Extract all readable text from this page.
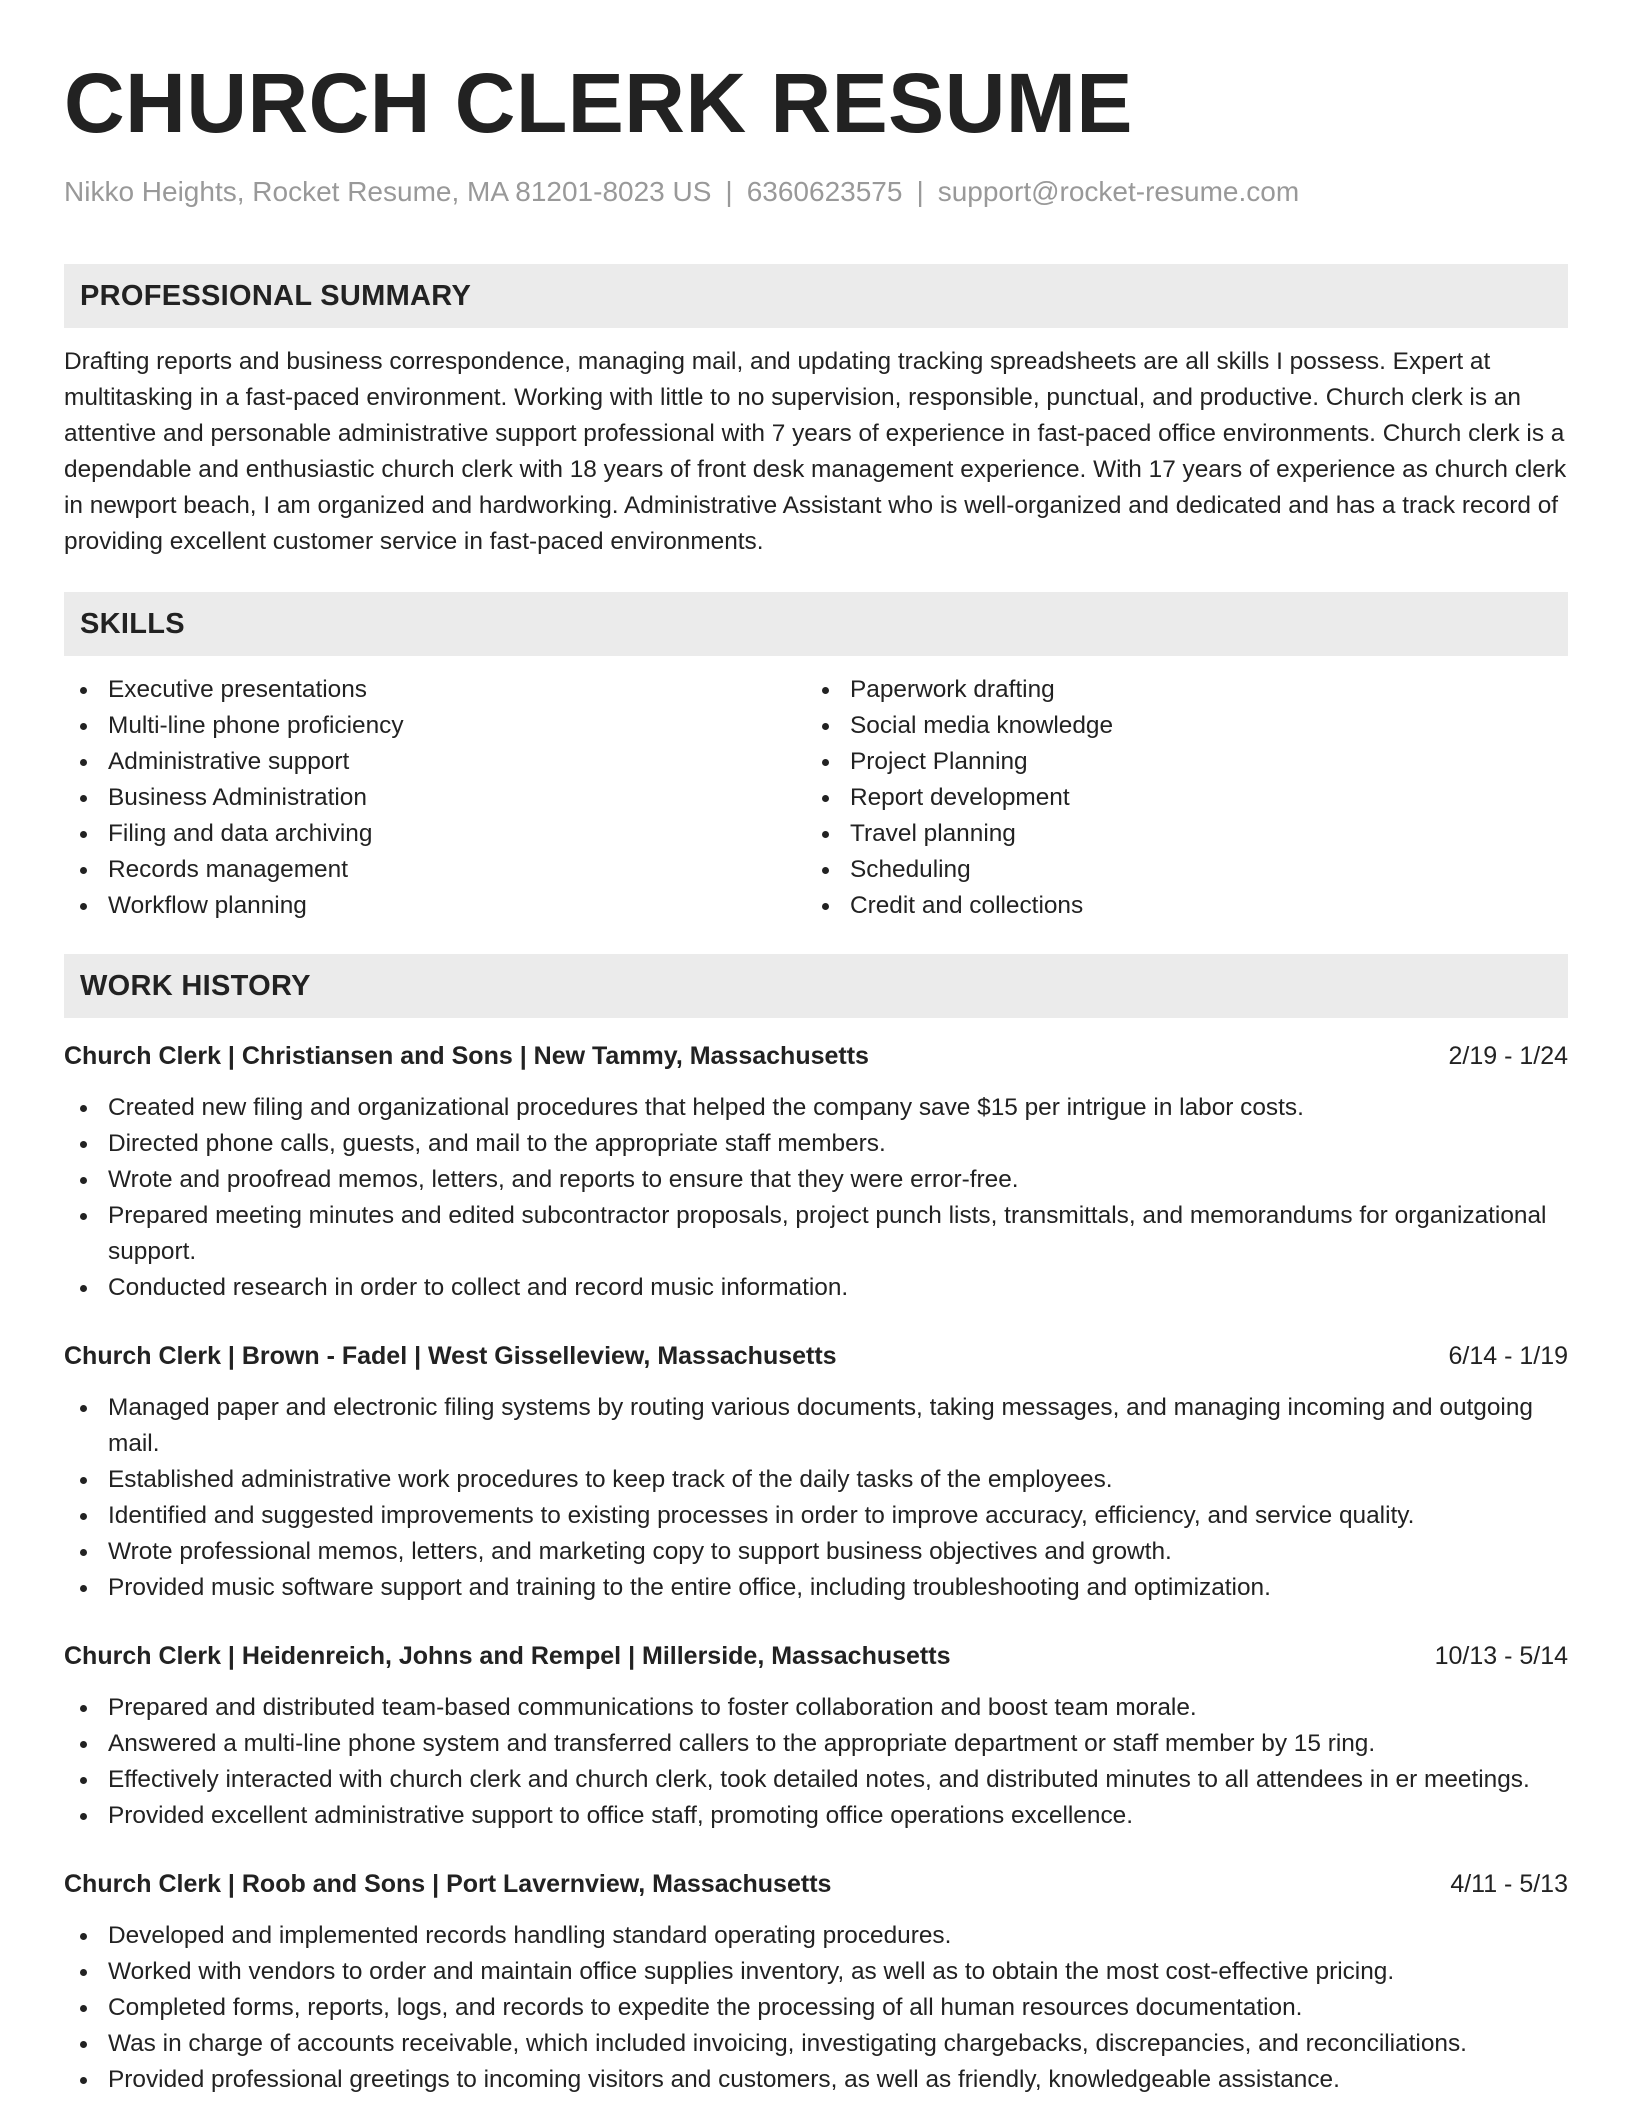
CHURCH CLERK RESUME
Nikko Heights, Rocket Resume, MA 81201-8023 US | 6360623575 | support@rocket-resume.com
PROFESSIONAL SUMMARY
Drafting reports and business correspondence, managing mail, and updating tracking spreadsheets are all skills I possess. Expert at multitasking in a fast-paced environment. Working with little to no supervision, responsible, punctual, and productive. Church clerk is an attentive and personable administrative support professional with 7 years of experience in fast-paced office environments. Church clerk is a dependable and enthusiastic church clerk with 18 years of front desk management experience. With 17 years of experience as church clerk in newport beach, I am organized and hardworking. Administrative Assistant who is well-organized and dedicated and has a track record of providing excellent customer service in fast-paced environments.
SKILLS
Executive presentations
Multi-line phone proficiency
Administrative support
Business Administration
Filing and data archiving
Records management
Workflow planning
Paperwork drafting
Social media knowledge
Project Planning
Report development
Travel planning
Scheduling
Credit and collections
WORK HISTORY
Church Clerk | Christiansen and Sons | New Tammy, Massachusetts	2/19 - 1/24
Created new filing and organizational procedures that helped the company save $15 per intrigue in labor costs.
Directed phone calls, guests, and mail to the appropriate staff members.
Wrote and proofread memos, letters, and reports to ensure that they were error-free.
Prepared meeting minutes and edited subcontractor proposals, project punch lists, transmittals, and memorandums for organizational support.
Conducted research in order to collect and record music information.
Church Clerk | Brown - Fadel | West Gisselleview, Massachusetts	6/14 - 1/19
Managed paper and electronic filing systems by routing various documents, taking messages, and managing incoming and outgoing mail.
Established administrative work procedures to keep track of the daily tasks of the employees.
Identified and suggested improvements to existing processes in order to improve accuracy, efficiency, and service quality.
Wrote professional memos, letters, and marketing copy to support business objectives and growth.
Provided music software support and training to the entire office, including troubleshooting and optimization.
Church Clerk | Heidenreich, Johns and Rempel | Millerside, Massachusetts	10/13 - 5/14
Prepared and distributed team-based communications to foster collaboration and boost team morale.
Answered a multi-line phone system and transferred callers to the appropriate department or staff member by 15 ring.
Effectively interacted with church clerk and church clerk, took detailed notes, and distributed minutes to all attendees in er meetings.
Provided excellent administrative support to office staff, promoting office operations excellence.
Church Clerk | Roob and Sons | Port Lavernview, Massachusetts	4/11 - 5/13
Developed and implemented records handling standard operating procedures.
Worked with vendors to order and maintain office supplies inventory, as well as to obtain the most cost-effective pricing.
Completed forms, reports, logs, and records to expedite the processing of all human resources documentation.
Was in charge of accounts receivable, which included invoicing, investigating chargebacks, discrepancies, and reconciliations.
Provided professional greetings to incoming visitors and customers, as well as friendly, knowledgeable assistance.
